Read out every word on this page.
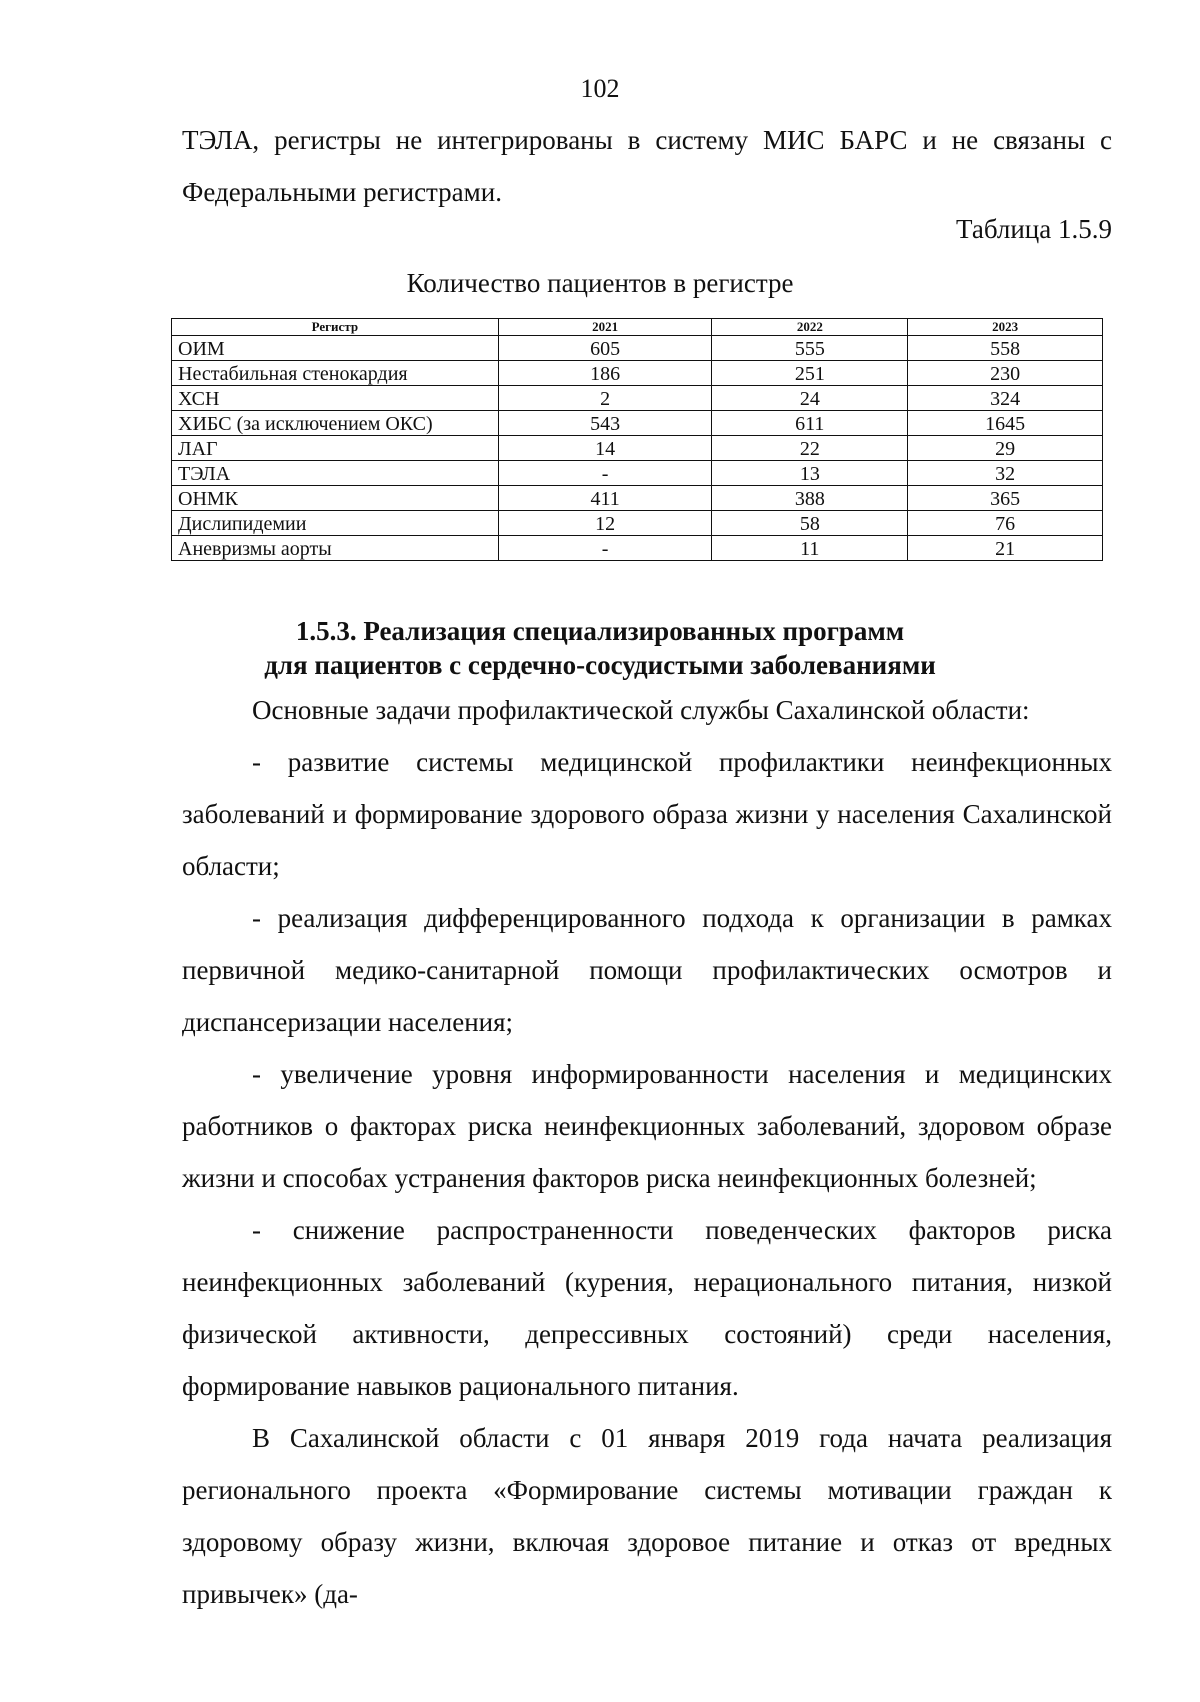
102

ТЭЛА, регистры не интегрированы в систему МИС БАРС и не связаны с Федеральными регистрами.

Таблица 1.5.9
Количество пациентов в регистре
Регистр	2021	2022	2023
ОИМ	605	555	558
Нестабильная стенокардия	186	251	230
ХСН	2	24	324
ХИБС (за исключением ОКС)	543	611	1645
ЛАГ	14	22	29
ТЭЛА	-	13	32
ОНМК	411	388	365
Дислипидемии	12	58	76
Аневризмы аорты	-	11	21
1.5.3. Реализация специализированных программ
для пациентов с сердечно-сосудистыми заболеваниями

Основные задачи профилактической службы Сахалинской области:

- развитие системы медицинской профилактики неинфекционных заболеваний и формирование здорового образа жизни у населения Сахалинской области;

- реализация дифференцированного подхода к организации в рамках первичной медико-санитарной помощи профилактических осмотров и диспансеризации населения;

- увеличение уровня информированности населения и медицинских работников о факторах риска неинфекционных заболеваний, здоровом образе жизни и способах устранения факторов риска неинфекционных болезней;

- снижение распространенности поведенческих факторов риска неинфекционных заболеваний (курения, нерационального питания, низкой физической активности, депрессивных состояний) среди населения, формирование навыков рационального питания.

В Сахалинской области с 01 января 2019 года начата реализация регионального проекта «Формирование системы мотивации граждан к здоровому образу жизни, включая здоровое питание и отказ от вредных привычек» (да-
